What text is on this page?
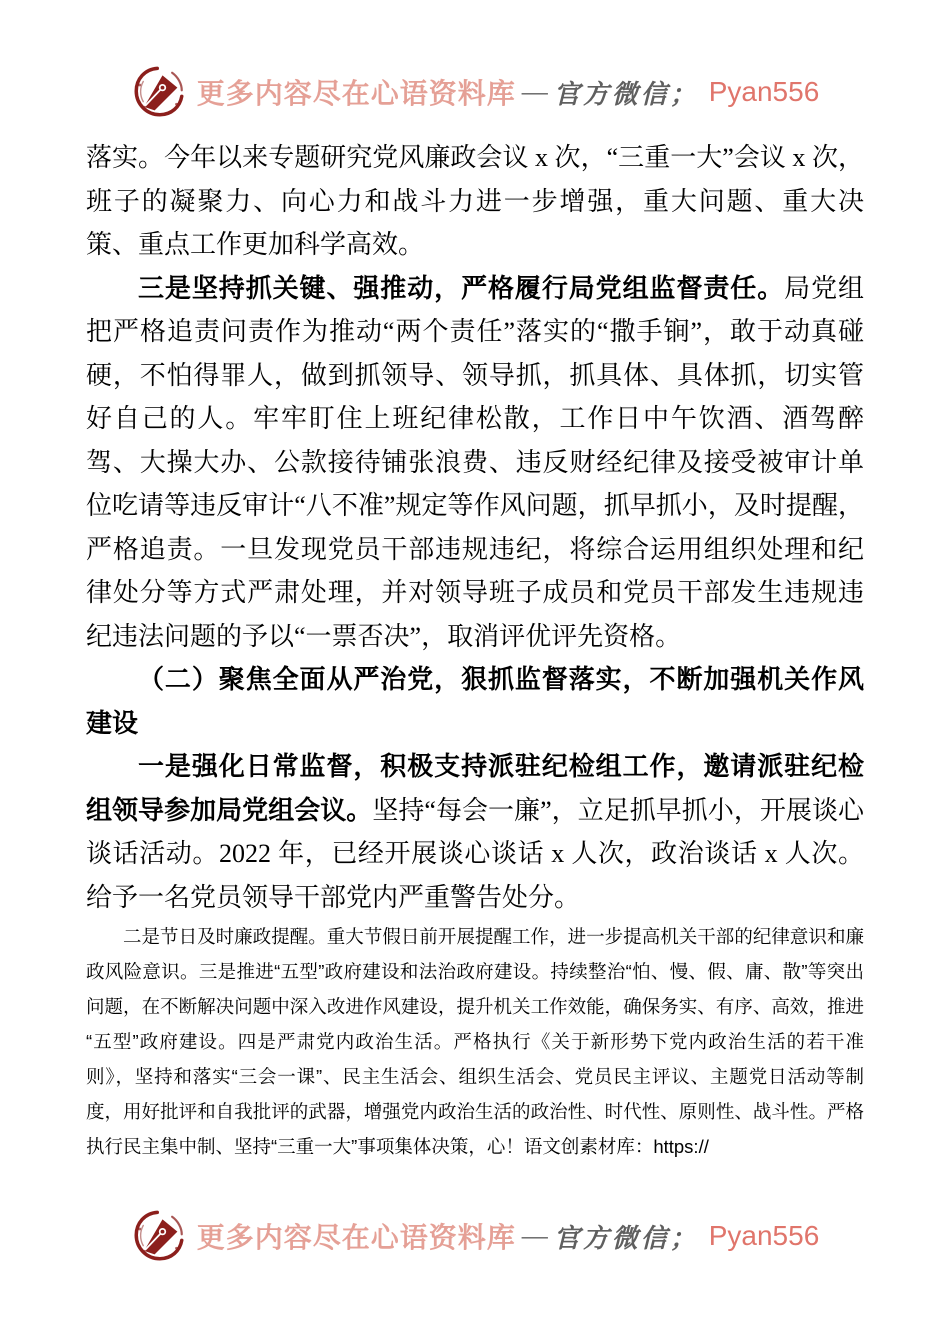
更多内容尽在心语资料库 — 官方微信； Pyan556

落实。今年以来专题研究党风廉政会议 x 次，“三重一大”会议 x 次，班子的凝聚力、向心力和战斗力进一步增强，重大问题、重大决策、重点工作更加科学高效。

三是坚持抓关键、强推动，严格履行局党组监督责任。局党组把严格追责问责作为推动“两个责任”落实的“撒手锏”，敢于动真碰硬，不怕得罪人，做到抓领导、领导抓，抓具体、具体抓，切实管好自己的人。牢牢盯住上班纪律松散，工作日中午饮酒、酒驾醉驾、大操大办、公款接待铺张浪费、违反财经纪律及接受被审计单位吃请等违反审计“八不准”规定等作风问题，抓早抓小，及时提醒，严格追责。一旦发现党员干部违规违纪，将综合运用组织处理和纪律处分等方式严肃处理，并对领导班子成员和党员干部发生违规违纪违法问题的予以“一票否决”，取消评优评先资格。

（二）聚焦全面从严治党，狠抓监督落实，不断加强机关作风建设

一是强化日常监督，积极支持派驻纪检组工作，邀请派驻纪检组领导参加局党组会议。坚持“每会一廉”，立足抓早抓小，开展谈心谈话活动。2022 年，已经开展谈心谈话 x 人次，政治谈话 x 人次。给予一名党员领导干部党内严重警告处分。

二是节日及时廉政提醒。重大节假日前开展提醒工作，进一步提高机关干部的纪律意识和廉政风险意识。三是推进“五型”政府建设和法治政府建设。持续整治“怕、慢、假、庸、散”等突出问题，在不断解决问题中深入改进作风建设，提升机关工作效能，确保务实、有序、高效，推进“五型”政府建设。四是严肃党内政治生活。严格执行《关于新形势下党内政治生活的若干准则》，坚持和落实“三会一课”、民主生活会、组织生活会、党员民主评议、主题党日活动等制度，用好批评和自我批评的武器，增强党内政治生活的政治性、时代性、原则性、战斗性。严格执行民主集中制、坚持“三重一大”事项集体决策，心！语文创素材库：https://

更多内容尽在心语资料库 — 官方微信； Pyan556
